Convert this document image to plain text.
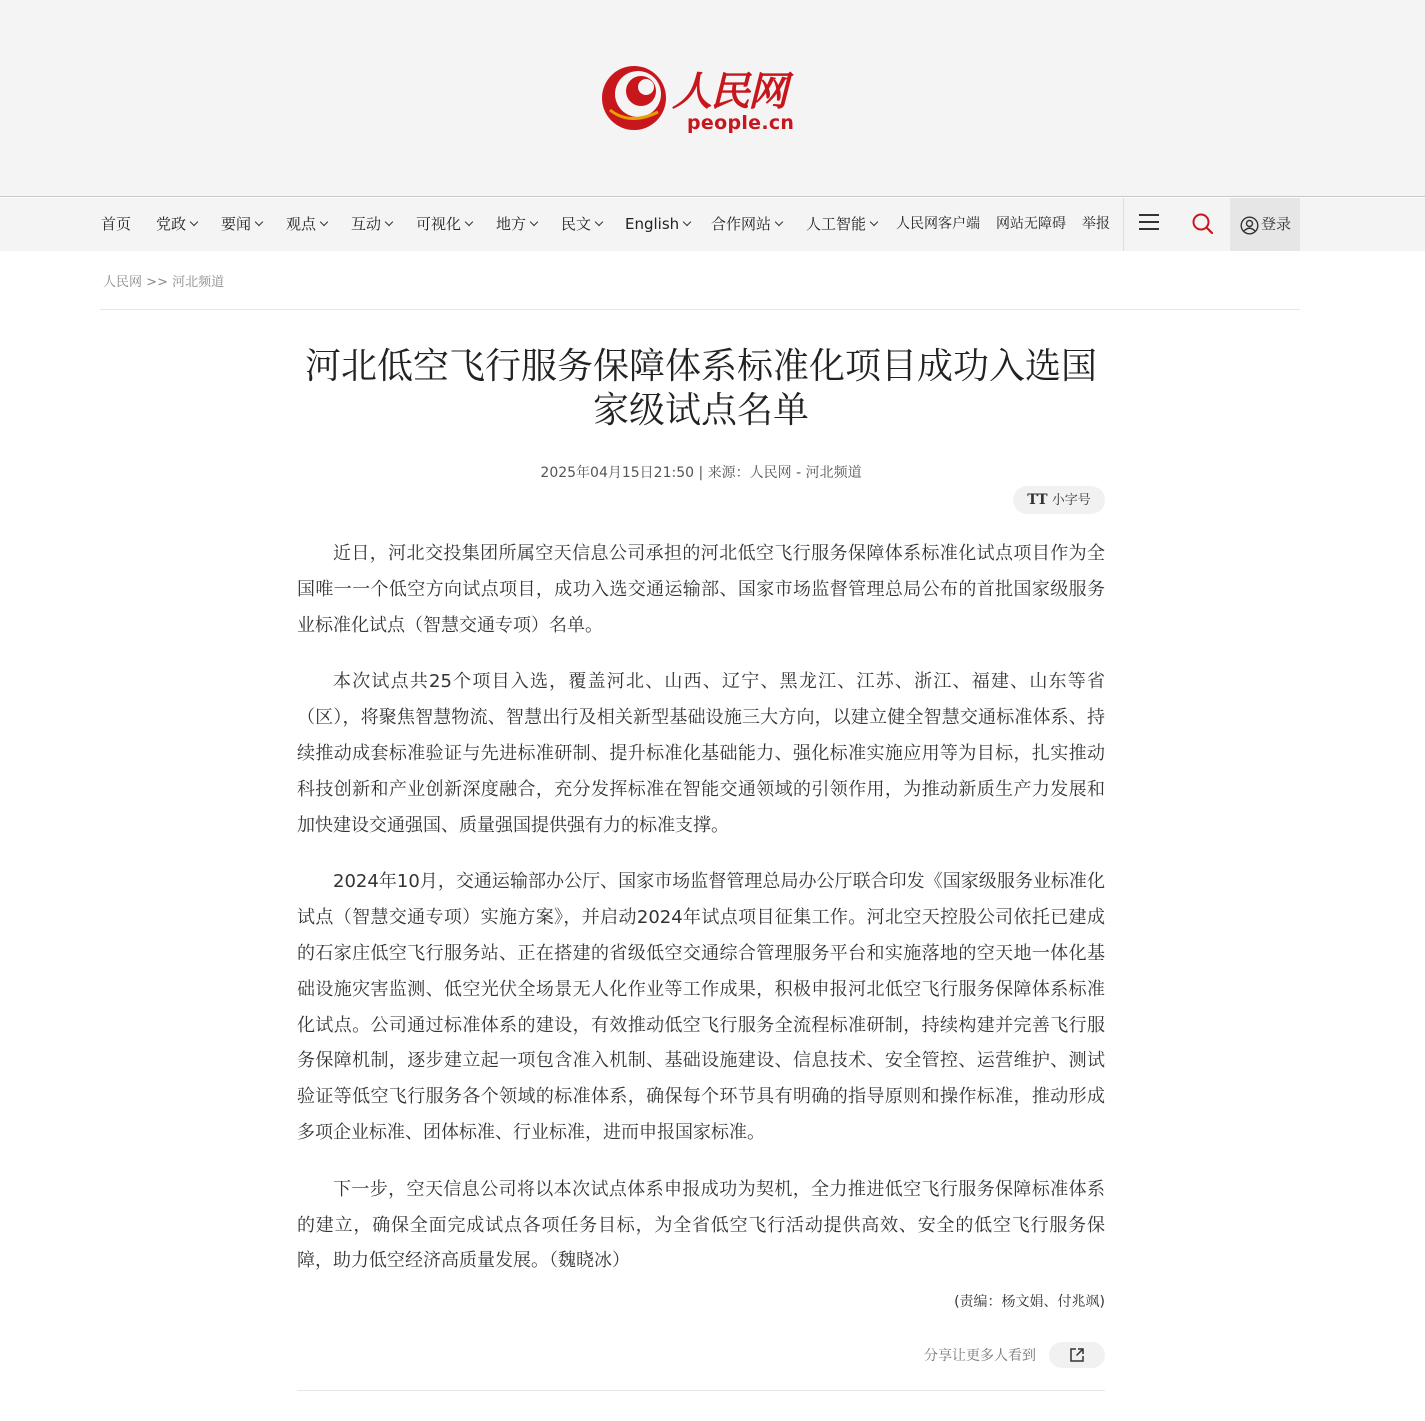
人民网
people.cn
首页 党政	要闻	观点	互动	可视化	地方	民文	English	合作网站	人工智能	人民网客户端 网站无障碍 举报	登录
人民网 >> 河北频道
河北低空飞行服务保障体系标准化项目成功入选国家级试点名单
2025年04月15日21:50 | 来源：人民网 - 河北频道
TT 小字号

近日，河北交投集团所属空天信息公司承担的河北低空飞行服务保障体系标准化试点项目作为全国唯一一个低空方向试点项目，成功入选交通运输部、国家市场监督管理总局公布的首批国家级服务业标准化试点（智慧交通专项）名单。

本次试点共25个项目入选，覆盖河北、山西、辽宁、黑龙江、江苏、浙江、福建、山东等省（区），将聚焦智慧物流、智慧出行及相关新型基础设施三大方向，以建立健全智慧交通标准体系、持续推动成套标准验证与先进标准研制、提升标准化基础能力、强化标准实施应用等为目标，扎实推动科技创新和产业创新深度融合，充分发挥标准在智能交通领域的引领作用，为推动新质生产力发展和加快建设交通强国、质量强国提供强有力的标准支撑。

2024年10月，交通运输部办公厅、国家市场监督管理总局办公厅联合印发《国家级服务业标准化试点（智慧交通专项）实施方案》，并启动2024年试点项目征集工作。河北空天控股公司依托已建成的石家庄低空飞行服务站、正在搭建的省级低空交通综合管理服务平台和实施落地的空天地一体化基础设施灾害监测、低空光伏全场景无人化作业等工作成果，积极申报河北低空飞行服务保障体系标准化试点。公司通过标准体系的建设，有效推动低空飞行服务全流程标准研制，持续构建并完善飞行服务保障机制，逐步建立起一项包含准入机制、基础设施建设、信息技术、安全管控、运营维护、测试验证等低空飞行服务各个领域的标准体系，确保每个环节具有明确的指导原则和操作标准，推动形成多项企业标准、团体标准、行业标准，进而申报国家标准。

下一步，空天信息公司将以本次试点体系申报成功为契机，全力推进低空飞行服务保障标准体系的建立，确保全面完成试点各项任务目标，为全省低空飞行活动提供高效、安全的低空飞行服务保障，助力低空经济高质量发展。（魏晓冰）

(责编：杨文娟、付兆飒)
分享让更多人看到
